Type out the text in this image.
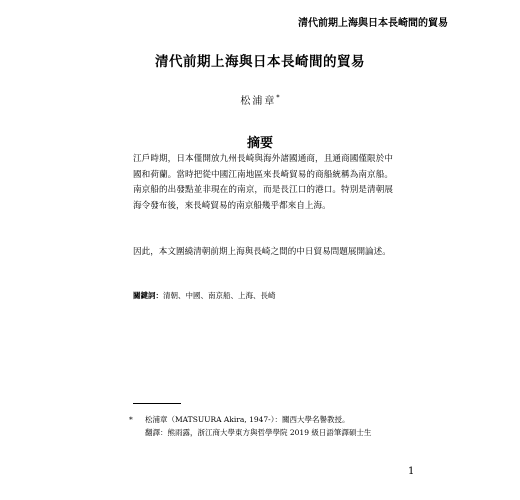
清代前期上海與日本長崎間的貿易
清代前期上海與日本長崎間的貿易
松浦章*
摘要
江戶時期，日本僅開放九州長崎與海外諸國通商，且通商國僅限於中國和荷蘭。當時把從中國江南地區來長崎貿易的商船統稱為南京船。南京船的出發點並非現在的南京，而是長江口的港口。特別是清朝展海令發布後，來長崎貿易的南京船幾乎都來自上海。
因此，本文圍繞清朝前期上海與長崎之間的中日貿易問題展開論述。
關鍵詞：清朝、中國、南京船、上海、長崎
*	松浦章（MATSUURA Akira, 1947-）：關西大學名譽教授。
翻譯：熊雨露，浙江商大學東方與哲學學院 2019 級日語筆譯碩士生
1
